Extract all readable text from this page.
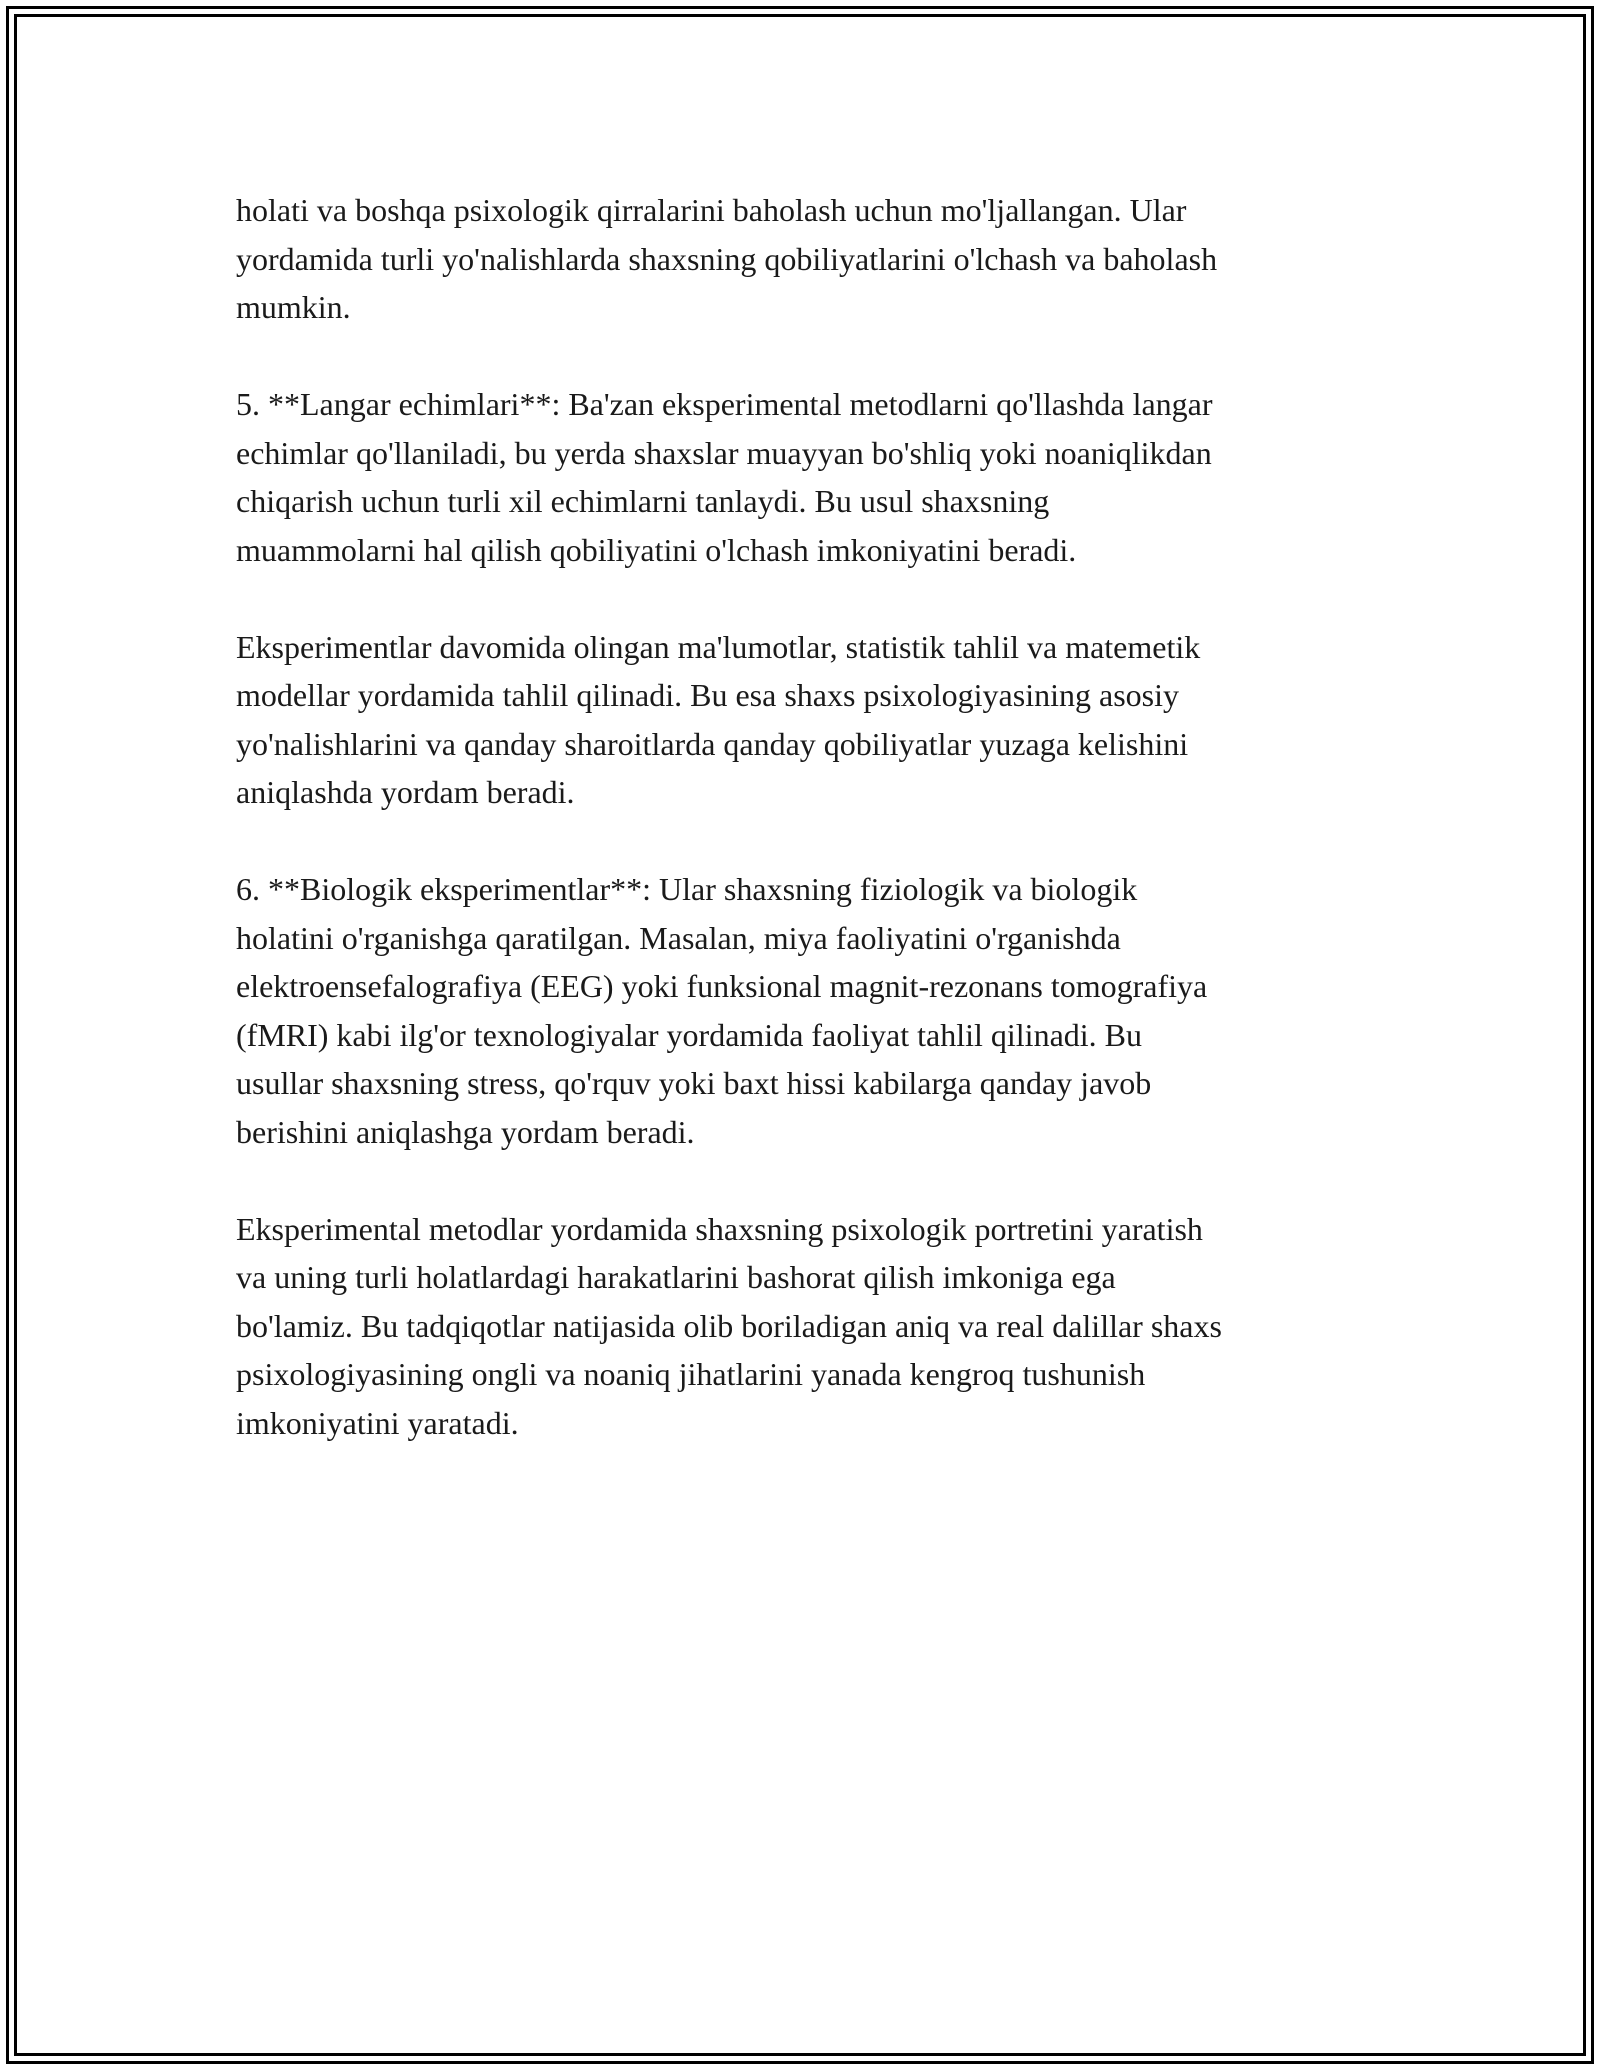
holati va boshqa psixologik qirralarini baholash uchun mo'ljallangan. Ular
yordamida turli yo'nalishlarda shaxsning qobiliyatlarini o'lchash va baholash
mumkin.

5. **Langar echimlari**: Ba'zan eksperimental metodlarni qo'llashda langar
echimlar qo'llaniladi, bu yerda shaxslar muayyan bo'shliq yoki noaniqlikdan
chiqarish uchun turli xil echimlarni tanlaydi. Bu usul shaxsning
muammolarni hal qilish qobiliyatini o'lchash imkoniyatini beradi.

Eksperimentlar davomida olingan ma'lumotlar, statistik tahlil va matemetik
modellar yordamida tahlil qilinadi. Bu esa shaxs psixologiyasining asosiy
yo'nalishlarini va qanday sharoitlarda qanday qobiliyatlar yuzaga kelishini
aniqlashda yordam beradi.

6. **Biologik eksperimentlar**: Ular shaxsning fiziologik va biologik
holatini o'rganishga qaratilgan. Masalan, miya faoliyatini o'rganishda
elektroensefalografiya (EEG) yoki funksional magnit-rezonans tomografiya
(fMRI) kabi ilg'or texnologiyalar yordamida faoliyat tahlil qilinadi. Bu
usullar shaxsning stress, qo'rquv yoki baxt hissi kabilarga qanday javob
berishini aniqlashga yordam beradi.

Eksperimental metodlar yordamida shaxsning psixologik portretini yaratish
va uning turli holatlardagi harakatlarini bashorat qilish imkoniga ega
bo'lamiz. Bu tadqiqotlar natijasida olib boriladigan aniq va real dalillar shaxs
psixologiyasining ongli va noaniq jihatlarini yanada kengroq tushunish
imkoniyatini yaratadi.
